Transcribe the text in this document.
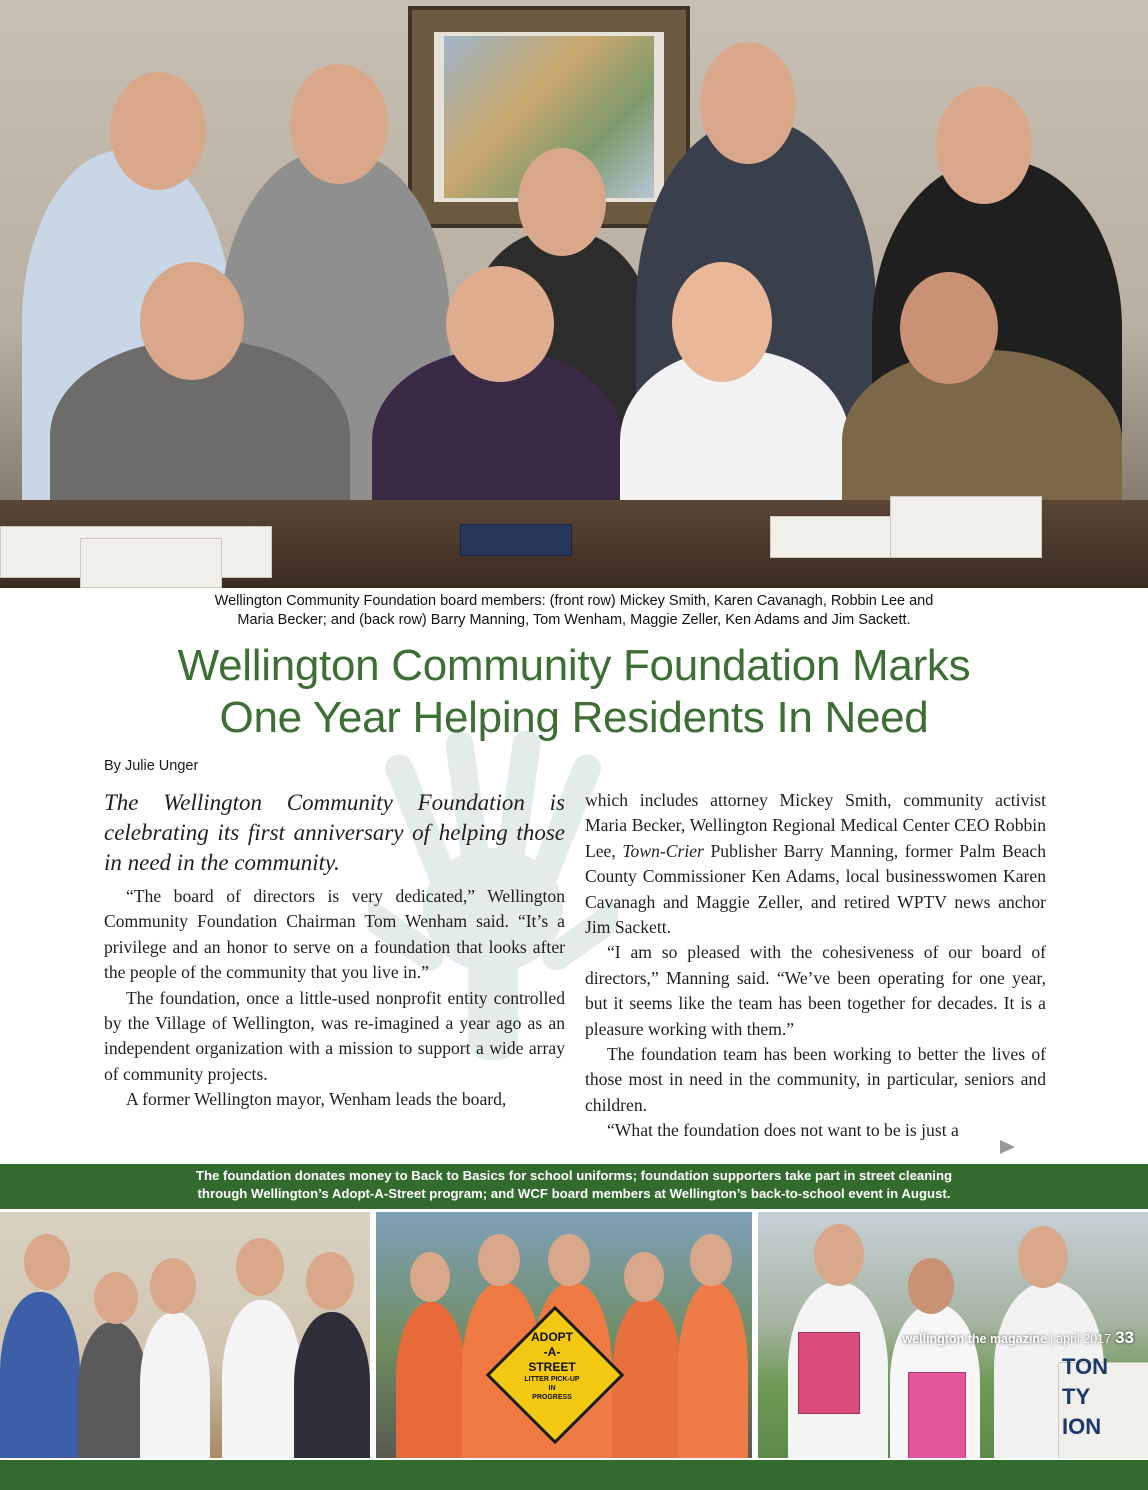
Wellington Community Foundation board members: (front row) Mickey Smith, Karen Cavanagh, Robbin Lee and
Maria Becker; and (back row) Barry Manning, Tom Wenham, Maggie Zeller, Ken Adams and Jim Sackett.
Wellington Community Foundation Marks
One Year Helping Residents In Need
By Julie Unger

The Wellington Community Foundation is celebrating its first anniversary of helping those in need in the community.

“The board of directors is very dedicated,” Wellington Community Foundation Chairman Tom Wenham said. “It’s a privilege and an honor to serve on a foundation that looks after the people of the community that you live in.”

The foundation, once a little-used nonprofit entity controlled by the Village of Wellington, was re-imagined a year ago as an independent organization with a mission to support a wide array of community projects.

A former Wellington mayor, Wenham leads the board,

which includes attorney Mickey Smith, community activist Maria Becker, Wellington Regional Medical Center CEO Robbin Lee, Town-Crier Publisher Barry Manning, former Palm Beach County Commissioner Ken Adams, local businesswomen Karen Cavanagh and Maggie Zeller, and retired WPTV news anchor Jim Sackett.

“I am so pleased with the cohesiveness of our board of directors,” Manning said. “We’ve been operating for one year, but it seems like the team has been together for decades. It is a pleasure working with them.”

The foundation team has been working to better the lives of those most in need in the community, in particular, seniors and children.

“What the foundation does not want to be is just a

The foundation donates money to Back to Basics for school uniforms; foundation supporters take part in street cleaning
through Wellington’s Adopt-A-Street program; and WCF board members at Wellington’s back-to-school event in August.
ADOPT
-A-
STREET
LITTER PICK-UP
IN
PROGRESS
TON
TY
ION
wellington the magazine | april 2017 33
